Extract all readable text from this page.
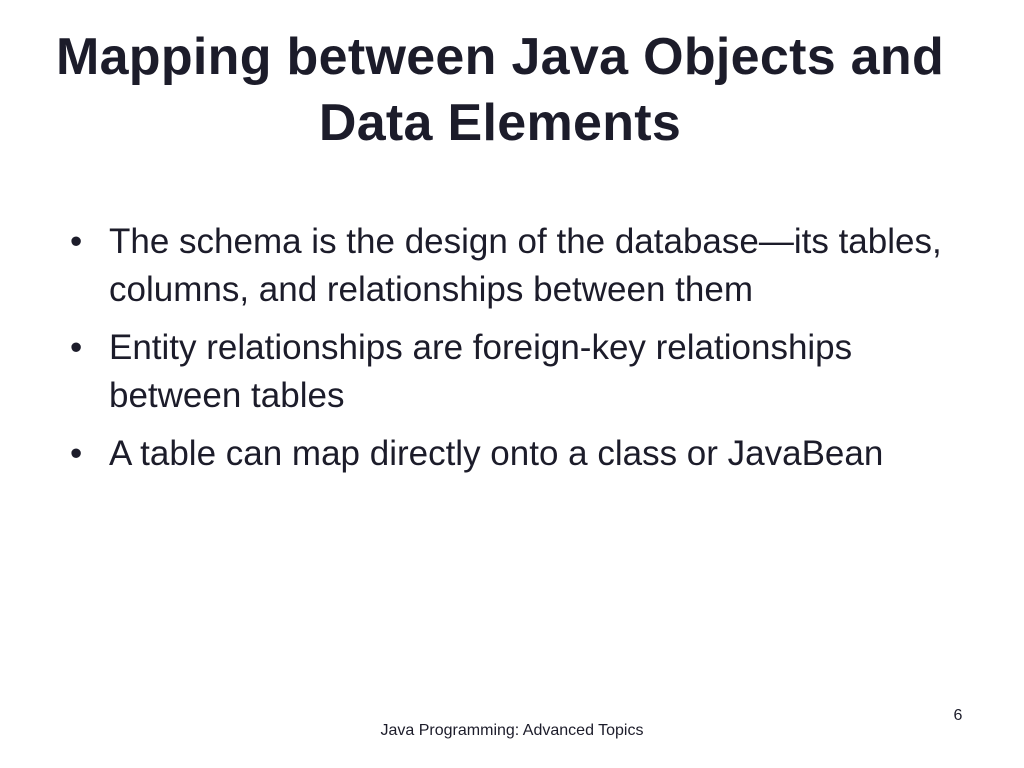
Mapping between Java Objects and Data Elements
• The schema is the design of the database—its tables, columns, and relationships between them
• Entity relationships are foreign-key relationships between tables
• A table can map directly onto a class or JavaBean
Java Programming: Advanced Topics
6
